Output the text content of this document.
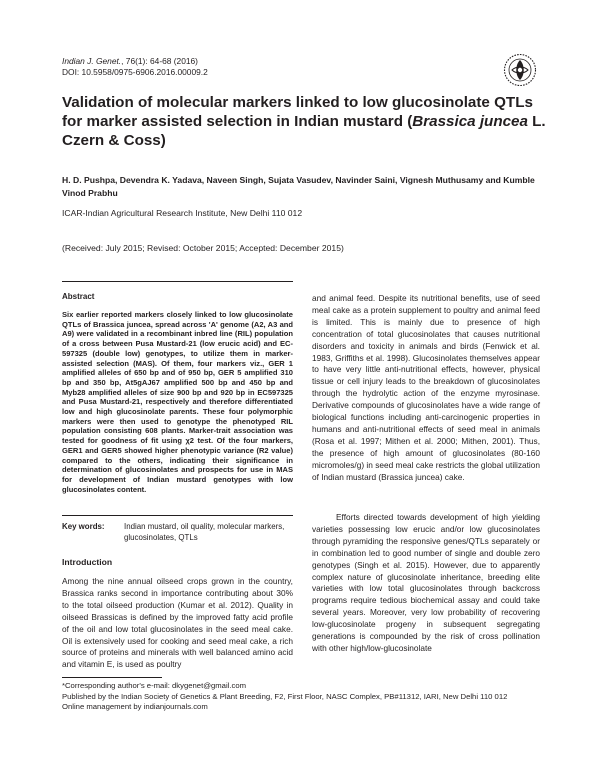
Indian J. Genet., 76(1): 64-68 (2016)
DOI: 10.5958/0975-6906.2016.00009.2
Validation of molecular markers linked to low glucosinolate QTLs for marker assisted selection in Indian mustard (Brassica juncea L. Czern & Coss)
H. D. Pushpa, Devendra K. Yadava, Naveen Singh, Sujata Vasudev, Navinder Saini, Vignesh Muthusamy and Kumble Vinod Prabhu
ICAR-Indian Agricultural Research Institute, New Delhi 110 012
(Received: July 2015; Revised: October 2015; Accepted: December 2015)
Abstract
Six earlier reported markers closely linked to low glucosinolate QTLs of Brassica juncea, spread across 'A' genome (A2, A3 and A9) were validated in a recombinant inbred line (RIL) population of a cross between Pusa Mustard-21 (low erucic acid) and EC-597325 (double low) genotypes, to utilize them in marker-assisted selection (MAS). Of them, four markers viz., GER 1 amplified alleles of 650 bp and of 950 bp, GER 5 amplified 310 bp and 350 bp, At5gAJ67 amplified 500 bp and 450 bp and Myb28 amplified alleles of size 900 bp and 920 bp in EC597325 and Pusa Mustard-21, respectively and therefore differentiated low and high glucosinolate parents. These four polymorphic markers were then used to genotype the phenotyped RIL population consisting 608 plants. Marker-trait association was tested for goodness of fit using χ2 test. Of the four markers, GER1 and GER5 showed higher phenotypic variance (R2 value) compared to the others, indicating their significance in determination of glucosinolates and prospects for use in MAS for development of Indian mustard genotypes with low glucosinolates content.
Key words: Indian mustard, oil quality, molecular markers, glucosinolates, QTLs
Introduction
Among the nine annual oilseed crops grown in the country, Brassica ranks second in importance contributing about 30% to the total oilseed production (Kumar et al. 2012). Quality in oilseed Brassicas is defined by the improved fatty acid profile of the oil and low total glucosinolates in the seed meal cake. Oil is extensively used for cooking and seed meal cake, a rich source of proteins and minerals with well balanced amino acid and vitamin E, is used as poultry
and animal feed. Despite its nutritional benefits, use of seed meal cake as a protein supplement to poultry and animal feed is limited. This is mainly due to presence of high concentration of total glucosinolates that causes nutritional disorders and toxicity in animals and birds (Fenwick et al. 1983, Griffiths et al. 1998). Glucosinolates themselves appear to have very little anti-nutritional effects, however, physical tissue or cell injury leads to the breakdown of glucosinolates through the hydrolytic action of the enzyme myrosinase. Derivative compounds of glucosinolates have a wide range of biological functions including anti-carcinogenic properties in humans and anti-nutritional effects of seed meal in animals (Rosa et al. 1997; Mithen et al. 2000; Mithen, 2001). Thus, the presence of high amount of glucosinolates (80-160 micromoles/g) in seed meal cake restricts the global utilization of Indian mustard (Brassica juncea) cake.
Efforts directed towards development of high yielding varieties possessing low erucic and/or low glucosinolates through pyramiding the responsive genes/QTLs separately or in combination led to good number of single and double zero genotypes (Singh et al. 2015). However, due to apparently complex nature of glucosinolate inheritance, breeding elite varieties with low total glucosinolates through backcross programs require tedious biochemical assay and could take several years. Moreover, very low probability of recovering low-glucosinolate progeny in subsequent segregating generations is compounded by the risk of cross pollination with other high/low-glucosinolate
*Corresponding author's e-mail: dkygenet@gmail.com
Published by the Indian Society of Genetics & Plant Breeding, F2, First Floor, NASC Complex, PB#11312, IARI, New Delhi 110 012
Online management by indianjournals.com
